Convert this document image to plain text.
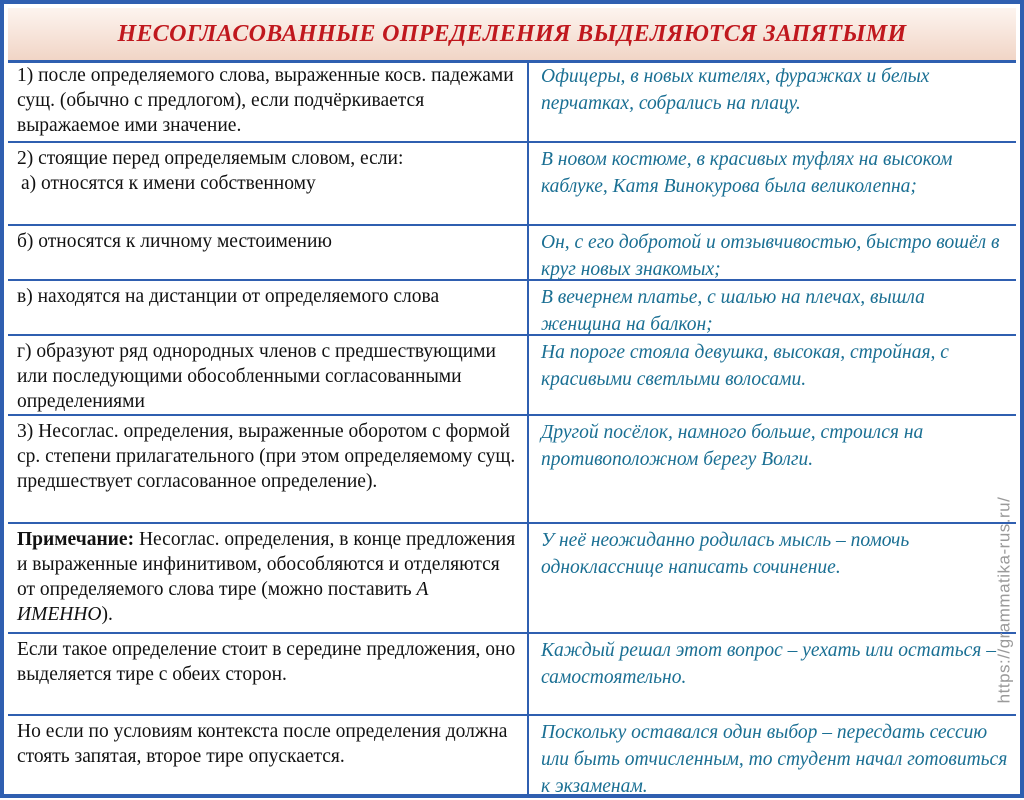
НЕСОГЛАСОВАННЫЕ ОПРЕДЕЛЕНИЯ ВЫДЕЛЯЮТСЯ ЗАПЯТЫМИ
1) после определяемого слова, выраженные косв. падежами сущ. (обычно с предлогом), если подчёркивается выражаемое ими значение.
Офицеры, в новых кителях, фуражках и белых перчатках, собрались на плацу.
2) стоящие перед определяемым словом, если:
а) относятся к имени собственному
В новом костюме, в красивых туфлях на высоком каблуке, Катя Винокурова была великолепна;
б) относятся к личному местоимению	Он, с его добротой и отзывчивостью, быстро вошёл в круг новых знакомых;
в) находятся на дистанции от определяемого слова	В вечернем платье, с шалью на плечах, вышла женщина на балкон;
г) образуют ряд однородных членов с предшествующими или последующими обособленными согласованными определениями
На пороге стояла девушка, высокая, стройная, с красивыми светлыми волосами.
3) Несоглас. определения, выраженные оборотом с формой ср. степени прилагательного (при этом определяемому сущ. предшествует согласованное определение).
Другой посёлок, намного больше, строился на противоположном берегу Волги.
Примечание: Несоглас. определения, в конце предложения и выраженные инфинитивом, обособляются и отделяются от определяемого слова тире (можно поставить А ИМЕННО).
У неё неожиданно родилась мысль – помочь однокласснице написать сочинение.
Если такое определение стоит в середине предложения, оно выделяется тире с обеих сторон.
Каждый решал этот вопрос – уехать или остаться – самостоятельно.
Но если по условиям контекста после определения должна стоять запятая, второе тире опускается.
Поскольку оставался один выбор – пересдать сессию или быть отчисленным, то студент начал готовиться к экзаменам.
https://grammatika-rus.ru/
